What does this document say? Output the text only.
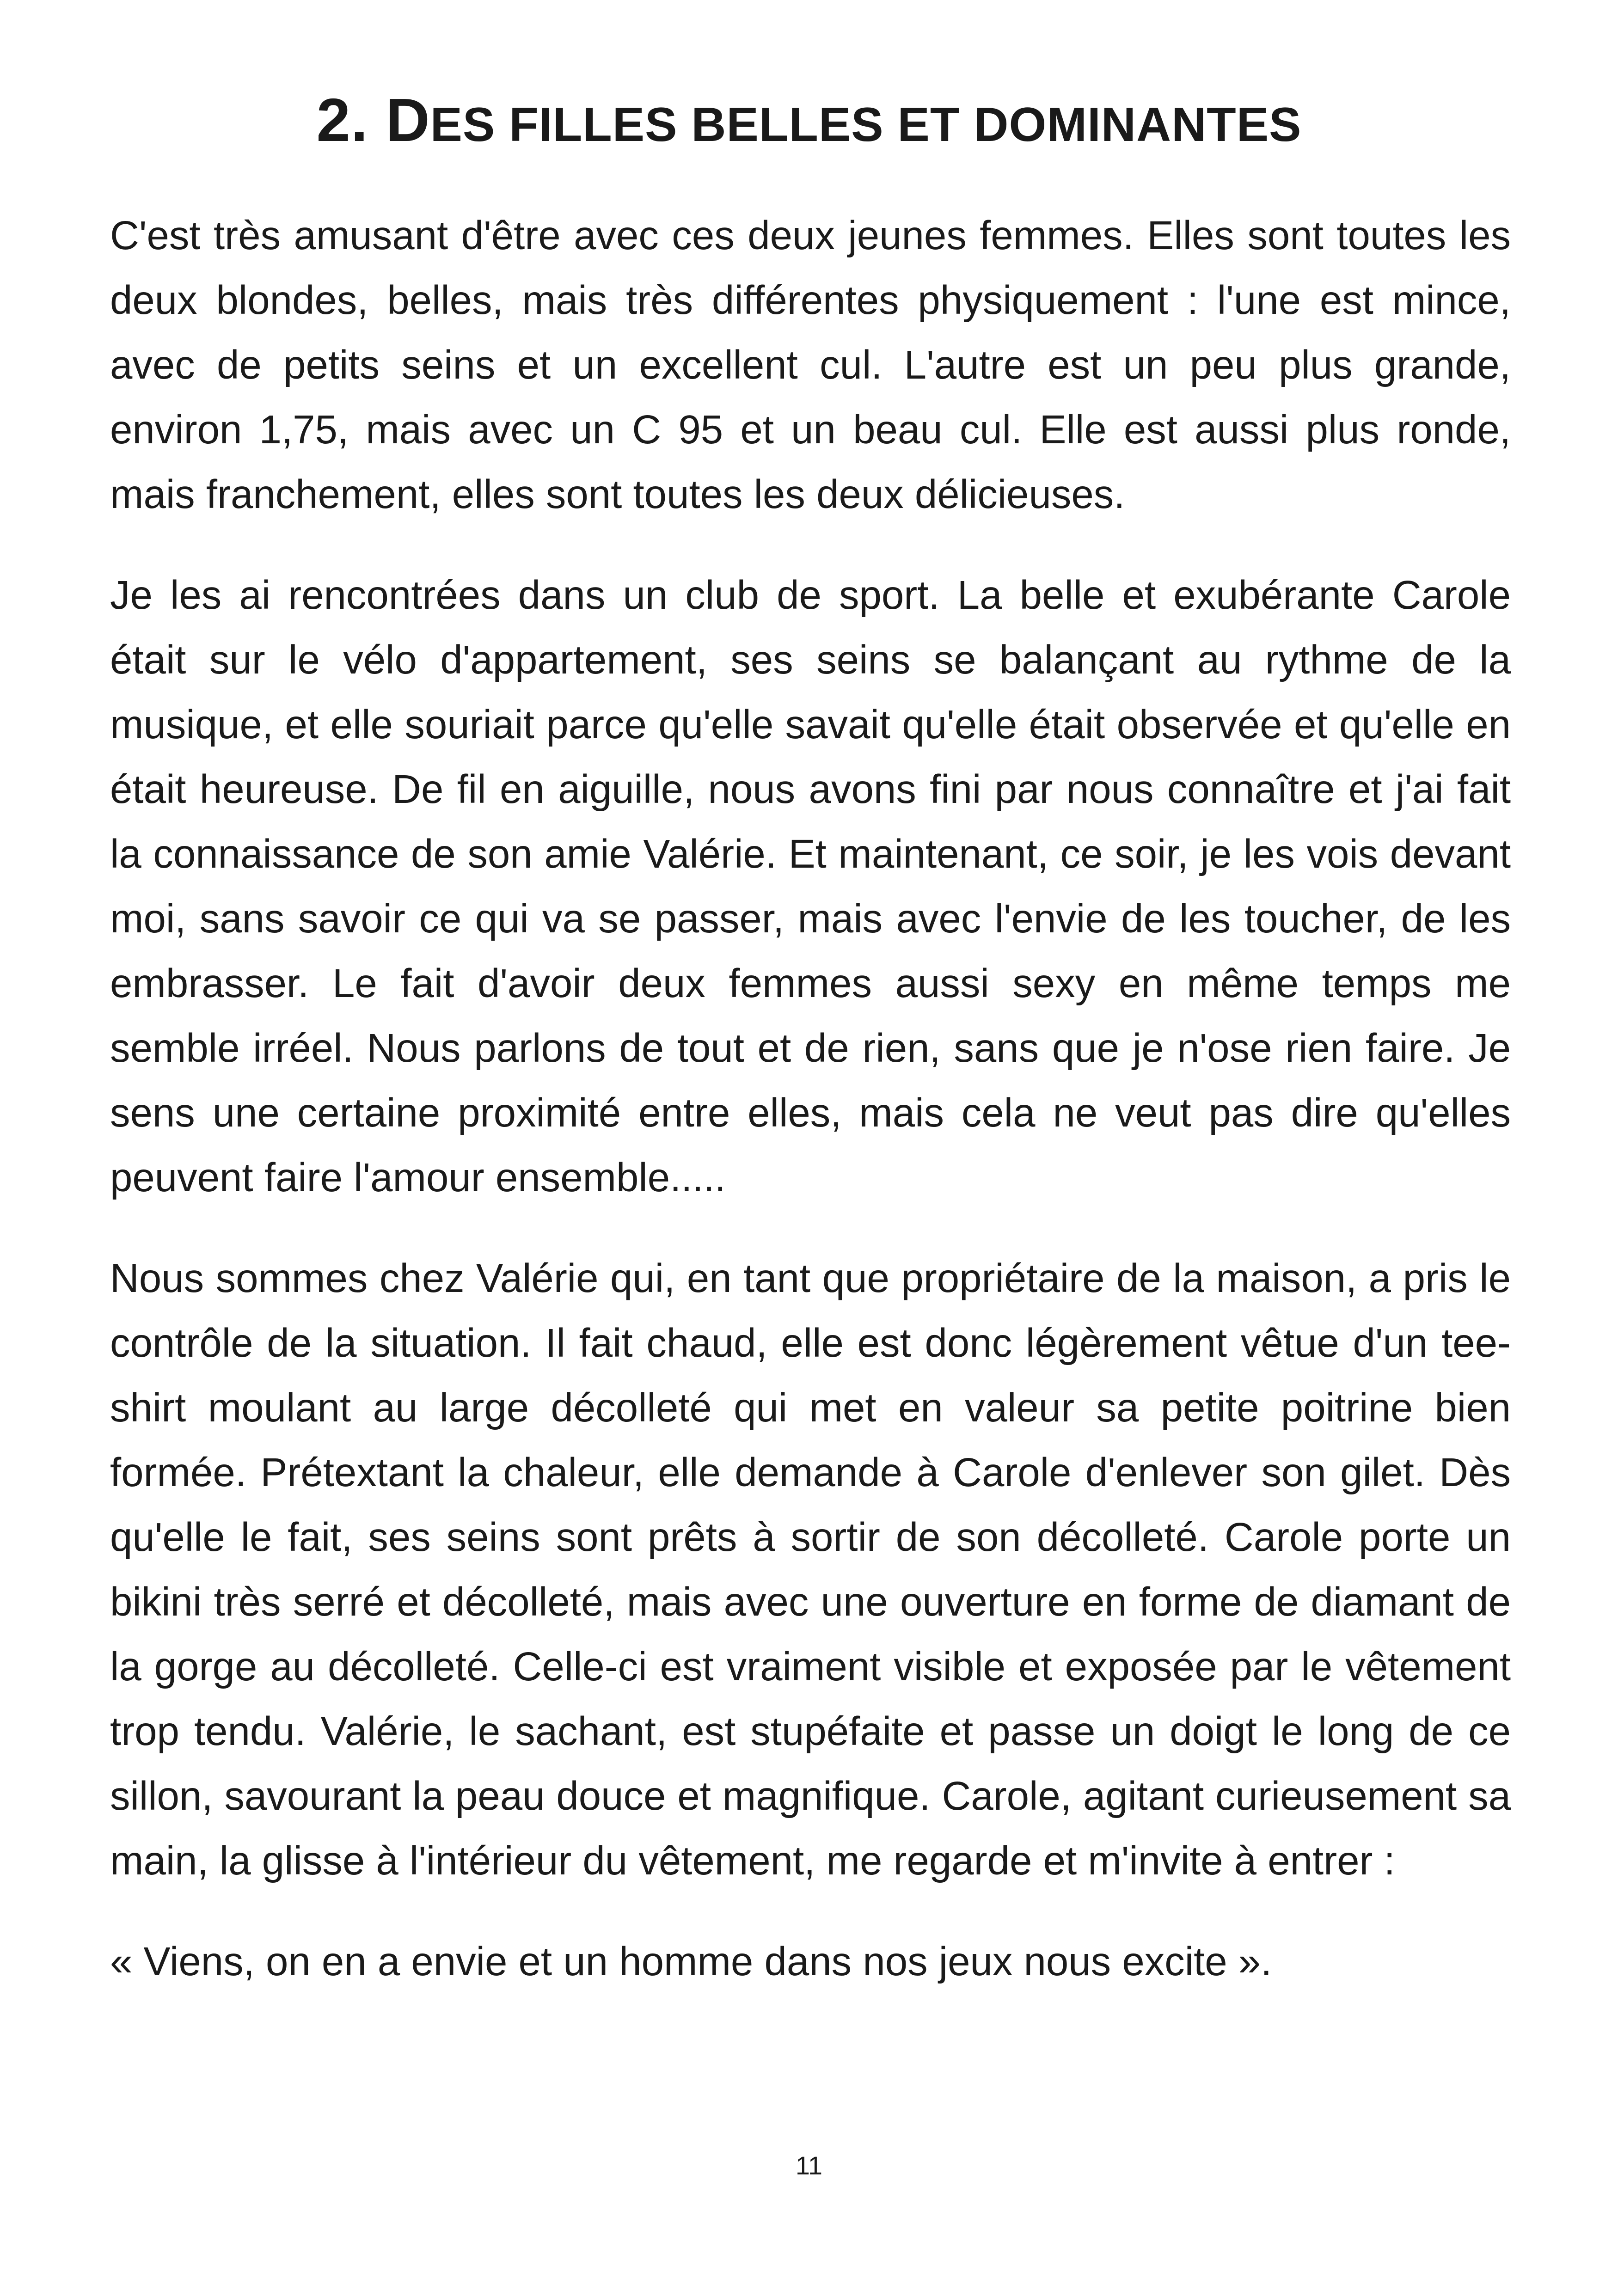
2. DES FILLES BELLES ET DOMINANTES

C'est très amusant d'être avec ces deux jeunes femmes. Elles sont toutes les deux blondes, belles, mais très différentes physiquement : l'une est mince, avec de petits seins et un excellent cul. L'autre est un peu plus grande, environ 1,75, mais avec un C 95 et un beau cul. Elle est aussi plus ronde, mais franchement, elles sont toutes les deux délicieuses.

Je les ai rencontrées dans un club de sport. La belle et exubérante Carole était sur le vélo d'appartement, ses seins se balançant au rythme de la musique, et elle souriait parce qu'elle savait qu'elle était observée et qu'elle en était heureuse. De fil en aiguille, nous avons fini par nous connaître et j'ai fait la connaissance de son amie Valérie. Et maintenant, ce soir, je les vois devant moi, sans savoir ce qui va se passer, mais avec l'envie de les toucher, de les embrasser. Le fait d'avoir deux femmes aussi sexy en même temps me semble irréel. Nous parlons de tout et de rien, sans que je n'ose rien faire. Je sens une certaine proximité entre elles, mais cela ne veut pas dire qu'elles peuvent faire l'amour ensemble.....

Nous sommes chez Valérie qui, en tant que propriétaire de la maison, a pris le contrôle de la situation. Il fait chaud, elle est donc légèrement vêtue d'un tee-shirt moulant au large décolleté qui met en valeur sa petite poitrine bien formée. Prétextant la chaleur, elle demande à Carole d'enlever son gilet. Dès qu'elle le fait, ses seins sont prêts à sortir de son décolleté. Carole porte un bikini très serré et décolleté, mais avec une ouverture en forme de diamant de la gorge au décolleté. Celle-ci est vraiment visible et exposée par le vêtement trop tendu. Valérie, le sachant, est stupéfaite et passe un doigt le long de ce sillon, savourant la peau douce et magnifique. Carole, agitant curieusement sa main, la glisse à l'intérieur du vêtement, me regarde et m'invite à entrer :

« Viens, on en a envie et un homme dans nos jeux nous excite ».

11
